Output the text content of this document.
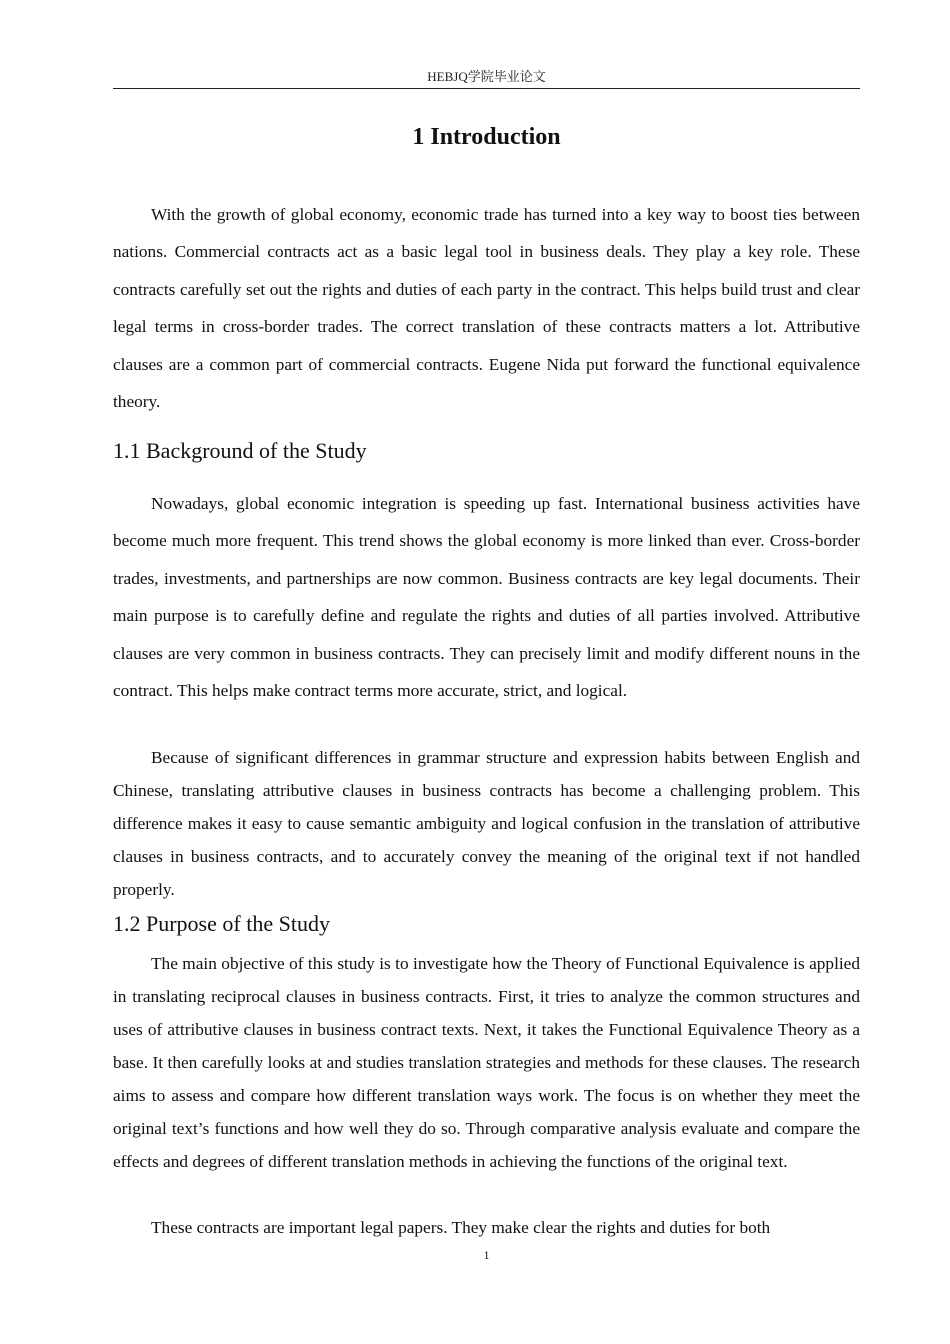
HEBJQ学院毕业论文
1 Introduction

With the growth of global economy, economic trade has turned into a key way to boost ties between nations. Commercial contracts act as a basic legal tool in business deals. They play a key role. These contracts carefully set out the rights and duties of each party in the contract. This helps build trust and clear legal terms in cross-border trades. The correct translation of these contracts matters a lot. Attributive clauses are a common part of commercial contracts. Eugene Nida put forward the functional equivalence theory.

1.1 Background of the Study

Nowadays, global economic integration is speeding up fast. International business activities have become much more frequent. This trend shows the global economy is more linked than ever. Cross-border trades, investments, and partnerships are now common. Business contracts are key legal documents. Their main purpose is to carefully define and regulate the rights and duties of all parties involved. Attributive clauses are very common in business contracts. They can precisely limit and modify different nouns in the contract. This helps make contract terms more accurate, strict, and logical.

Because of significant differences in grammar structure and expression habits between English and Chinese, translating attributive clauses in business contracts has become a challenging problem. This difference makes it easy to cause semantic ambiguity and logical confusion in the translation of attributive clauses in business contracts, and to accurately convey the meaning of the original text if not handled properly.

1.2 Purpose of the Study

The main objective of this study is to investigate how the Theory of Functional Equivalence is applied in translating reciprocal clauses in business contracts. First, it tries to analyze the common structures and uses of attributive clauses in business contract texts. Next, it takes the Functional Equivalence Theory as a base. It then carefully looks at and studies translation strategies and methods for these clauses. The research aims to assess and compare how different translation ways work. The focus is on whether they meet the original text’s functions and how well they do so. Through comparative analysis evaluate and compare the effects and degrees of different translation methods in achieving the functions of the original text.

These contracts are important legal papers. They make clear the rights and duties for both

1
